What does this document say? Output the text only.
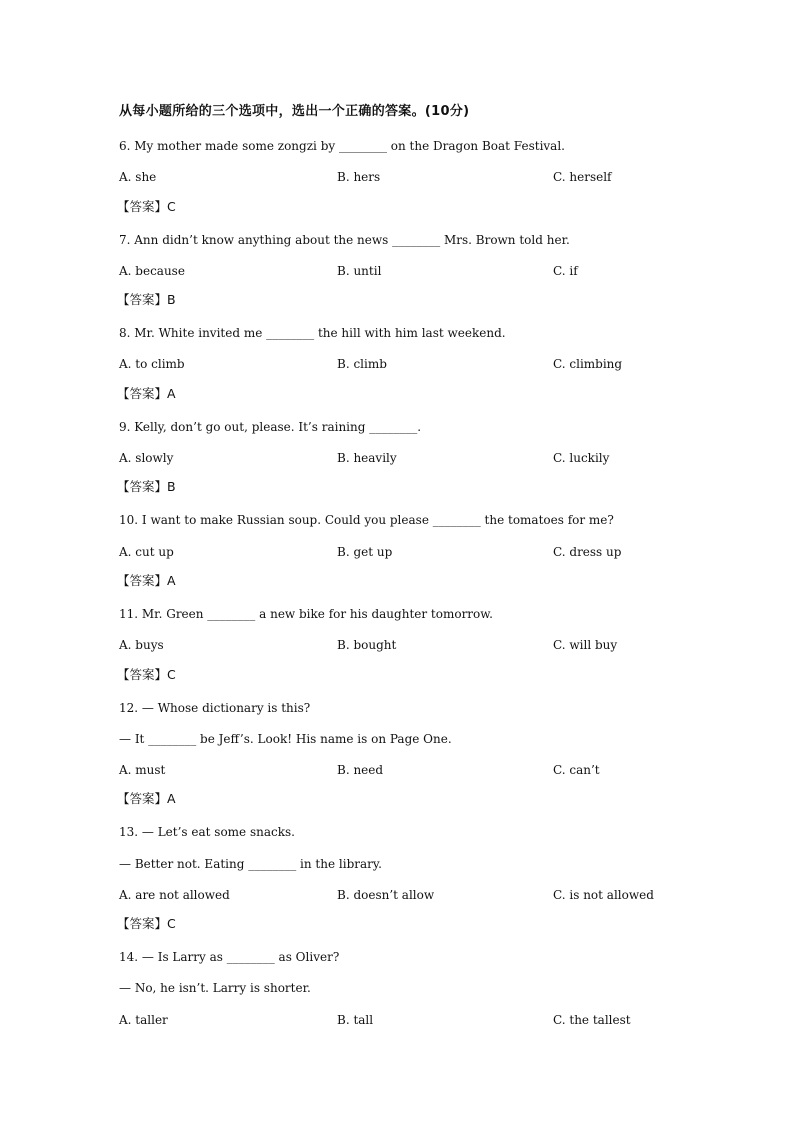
从每小题所给的三个选项中，选出一个正确的答案。(10分)
6. My mother made some zongzi by ________ on the Dragon Boat Festival.
A. she	B. hers	C. herself
【答案】C
7. Ann didn’t know anything about the news ________ Mrs. Brown told her.
A. because	B. until	C. if
【答案】B
8. Mr. White invited me ________ the hill with him last weekend.
A. to climb	B. climb	C. climbing
【答案】A
9. Kelly, don’t go out, please. It’s raining ________.
A. slowly	B. heavily	C. luckily
【答案】B
10. I want to make Russian soup. Could you please ________ the tomatoes for me?
A. cut up	B. get up	C. dress up
【答案】A
11. Mr. Green ________ a new bike for his daughter tomorrow.
A. buys	B. bought	C. will buy
【答案】C
12. — Whose dictionary is this?
— It ________ be Jeff’s. Look! His name is on Page One.
A. must	B. need	C. can’t
【答案】A
13. — Let’s eat some snacks.
— Better not. Eating ________ in the library.
A. are not allowed	B. doesn’t allow	C. is not allowed
【答案】C
14. — Is Larry as ________ as Oliver?
— No, he isn’t. Larry is shorter.
A. taller	B. tall	C. the tallest
